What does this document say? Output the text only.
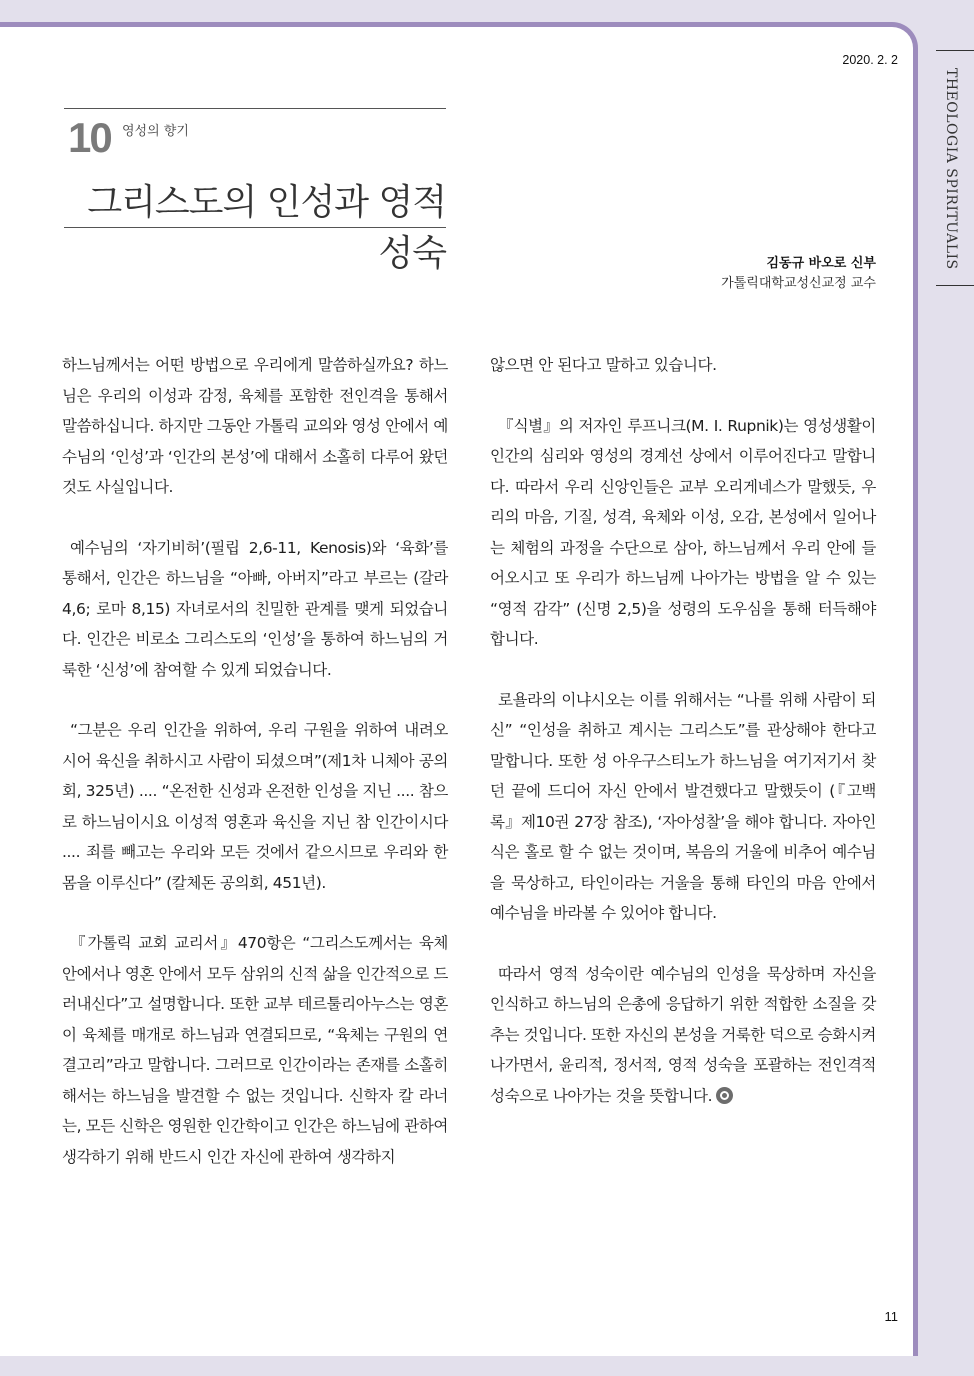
THEOLOGIA SPIRITUALIS
2020. 2. 2
10 영성의 향기
그리스도의 인성과 영적 성숙	김동규 바오로 신부
가톨릭대학교성신교정 교수

하느님께서는 어떤 방법으로 우리에게 말씀하실까요? 하느님은 우리의 이성과 감정, 육체를 포함한 전인격을 통해서 말씀하십니다. 하지만 그동안 가톨릭 교의와 영성 안에서 예수님의 ‘인성’과 ‘인간의 본성’에 대해서 소홀히 다루어 왔던 것도 사실입니다.

예수님의 ‘자기비허’(필립 2,6-11, Kenosis)와 ‘육화’를 통해서, 인간은 하느님을 “아빠, 아버지”라고 부르는 (갈라 4,6; 로마 8,15) 자녀로서의 친밀한 관계를 맺게 되었습니다. 인간은 비로소 그리스도의 ‘인성’을 통하여 하느님의 거룩한 ‘신성’에 참여할 수 있게 되었습니다.

“그분은 우리 인간을 위하여, 우리 구원을 위하여 내려오시어 육신을 취하시고 사람이 되셨으며”(제1차 니체아 공의회, 325년) .... “온전한 신성과 온전한 인성을 지닌 .... 참으로 하느님이시요 이성적 영혼과 육신을 지닌 참 인간이시다 .... 죄를 빼고는 우리와 모든 것에서 같으시므로 우리와 한 몸을 이루신다” (칼체돈 공의회, 451년).

『가톨릭 교회 교리서』470항은 “그리스도께서는 육체 안에서나 영혼 안에서 모두 삼위의 신적 삶을 인간적으로 드러내신다”고 설명합니다. 또한 교부 테르툴리아누스는 영혼이 육체를 매개로 하느님과 연결되므로, “육체는 구원의 연결고리”라고 말합니다. 그러므로 인간이라는 존재를 소홀히 해서는 하느님을 발견할 수 없는 것입니다. 신학자 칼 라너는, 모든 신학은 영원한 인간학이고 인간은 하느님에 관하여 생각하기 위해 반드시 인간 자신에 관하여 생각하지

않으면 안 된다고 말하고 있습니다.

『식별』의 저자인 루프니크(M. I. Rupnik)는 영성생활이 인간의 심리와 영성의 경계선 상에서 이루어진다고 말합니다. 따라서 우리 신앙인들은 교부 오리게네스가 말했듯, 우리의 마음, 기질, 성격, 육체와 이성, 오감, 본성에서 일어나는 체험의 과정을 수단으로 삼아, 하느님께서 우리 안에 들어오시고 또 우리가 하느님께 나아가는 방법을 알 수 있는 “영적 감각” (신명 2,5)을 성령의 도우심을 통해 터득해야 합니다.

로욜라의 이냐시오는 이를 위해서는 “나를 위해 사람이 되신” “인성을 취하고 계시는 그리스도”를 관상해야 한다고 말합니다. 또한 성 아우구스티노가 하느님을 여기저기서 찾던 끝에 드디어 자신 안에서 발견했다고 말했듯이 (『고백록』제10권 27장 참조), ‘자아성찰’을 해야 합니다. 자아인식은 홀로 할 수 없는 것이며, 복음의 거울에 비추어 예수님을 묵상하고, 타인이라는 거울을 통해 타인의 마음 안에서 예수님을 바라볼 수 있어야 합니다.

따라서 영적 성숙이란 예수님의 인성을 묵상하며 자신을 인식하고 하느님의 은총에 응답하기 위한 적합한 소질을 갖추는 것입니다. 또한 자신의 본성을 거룩한 덕으로 승화시켜 나가면서, 윤리적, 정서적, 영적 성숙을 포괄하는 전인격적 성숙으로 나아가는 것을 뜻합니다.

11
